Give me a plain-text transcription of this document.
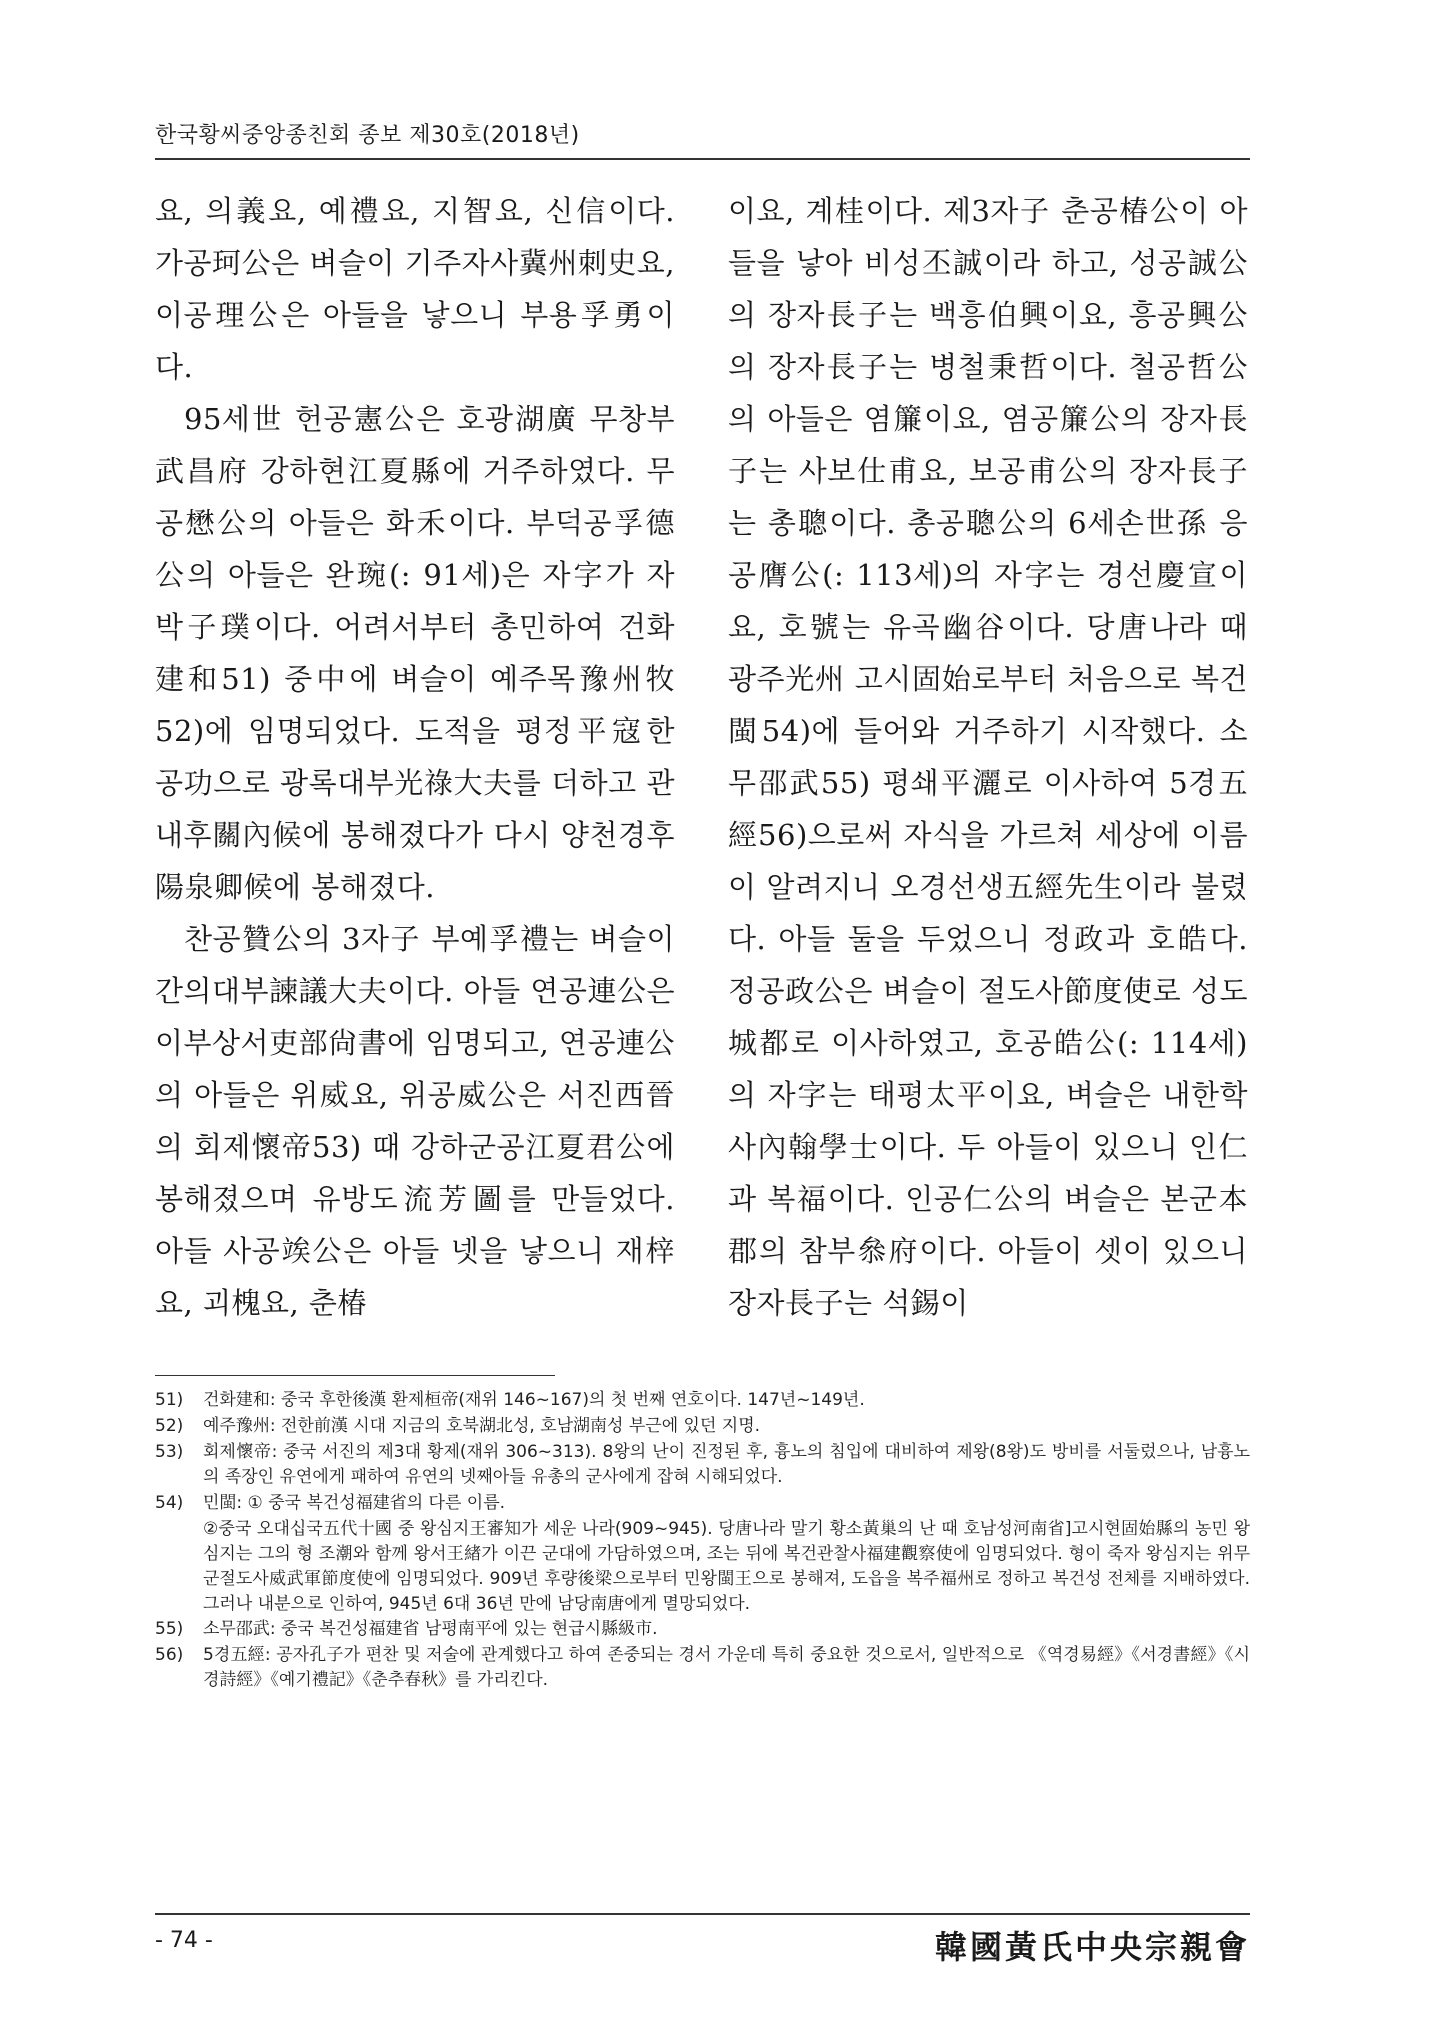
한국황씨중앙종친회 종보 제30호(2018년)

요, 의義요, 예禮요, 지智요, 신信이다. 가공珂公은 벼슬이 기주자사冀州刺史요, 이공理公은 아들을 낳으니 부용孚勇이다.

95세世 헌공憲公은 호광湖廣 무창부武昌府 강하현江夏縣에 거주하였다. 무공懋公의 아들은 화禾이다. 부덕공孚德公의 아들은 완琬(: 91세)은 자字가 자박子璞이다. 어려서부터 총민하여 건화建和51) 중中에 벼슬이 예주목豫州牧52)에 임명되었다. 도적을 평정平寇한 공功으로 광록대부光祿大夫를 더하고 관내후關內候에 봉해졌다가 다시 양천경후陽泉卿候에 봉해졌다.

찬공贊公의 3자子 부예孚禮는 벼슬이 간의대부諫議大夫이다. 아들 연공連公은 이부상서吏部尙書에 임명되고, 연공連公의 아들은 위威요, 위공威公은 서진西晉의 회제懷帝53) 때 강하군공江夏君公에 봉해졌으며 유방도流芳圖를 만들었다. 아들 사공竢公은 아들 넷을 낳으니 재梓요, 괴槐요, 춘椿

이요, 계桂이다. 제3자子 춘공椿公이 아들을 낳아 비성丕誠이라 하고, 성공誠公의 장자長子는 백흥伯興이요, 흥공興公의 장자長子는 병철秉哲이다. 철공哲公의 아들은 염簾이요, 염공簾公의 장자長子는 사보仕甫요, 보공甫公의 장자長子는 총聰이다. 총공聰公의 6세손世孫 응공膺公(: 113세)의 자字는 경선慶宣이요, 호號는 유곡幽谷이다. 당唐나라 때 광주光州 고시固始로부터 처음으로 복건閩54)에 들어와 거주하기 시작했다. 소무邵武55) 평쇄平灑로 이사하여 5경五經56)으로써 자식을 가르쳐 세상에 이름이 알려지니 오경선생五經先生이라 불렸다. 아들 둘을 두었으니 정政과 호皓다. 정공政公은 벼슬이 절도사節度使로 성도城都로 이사하였고, 호공皓公(: 114세)의 자字는 태평太平이요, 벼슬은 내한학사內翰學士이다. 두 아들이 있으니 인仁과 복福이다. 인공仁公의 벼슬은 본군本郡의 참부叅府이다. 아들이 셋이 있으니 장자長子는 석錫이

51)	건화建和: 중국 후한後漢 환제桓帝(재위 146~167)의 첫 번째 연호이다. 147년~149년.
52)	예주豫州: 전한前漢 시대 지금의 호북湖北성, 호남湖南성 부근에 있던 지명.
53)	회제懷帝: 중국 서진의 제3대 황제(재위 306~313). 8왕의 난이 진정된 후, 흉노의 침입에 대비하여 제왕(8왕)도 방비를 서둘렀으나, 남흉노의 족장인 유연에게 패하여 유연의 넷째아들 유총의 군사에게 잡혀 시해되었다.
54)	민閩: ① 중국 복건성福建省의 다른 이름.
②중국 오대십국五代十國 중 왕심지王審知가 세운 나라(909~945). 당唐나라 말기 황소黃巢의 난 때 호남성河南省]고시현固始縣의 농민 왕심지는 그의 형 조潮와 함께 왕서王緖가 이끈 군대에 가담하였으며, 조는 뒤에 복건관찰사福建觀察使에 임명되었다. 형이 죽자 왕심지는 위무군절도사威武軍節度使에 임명되었다. 909년 후량後梁으로부터 민왕閩王으로 봉해져, 도읍을 복주福州로 정하고 복건성 전체를 지배하였다. 그러나 내분으로 인하여, 945년 6대 36년 만에 남당南唐에게 멸망되었다.
55)	소무邵武: 중국 복건성福建省 남평南平에 있는 현급시縣級市.
56)	5경五經: 공자孔子가 편찬 및 저술에 관계했다고 하여 존중되는 경서 가운데 특히 중요한 것으로서, 일반적으로 《역경易經》《서경書經》《시경詩經》《예기禮記》《춘추春秋》를 가리킨다.
- 74 -	韓國黃氏中央宗親會
